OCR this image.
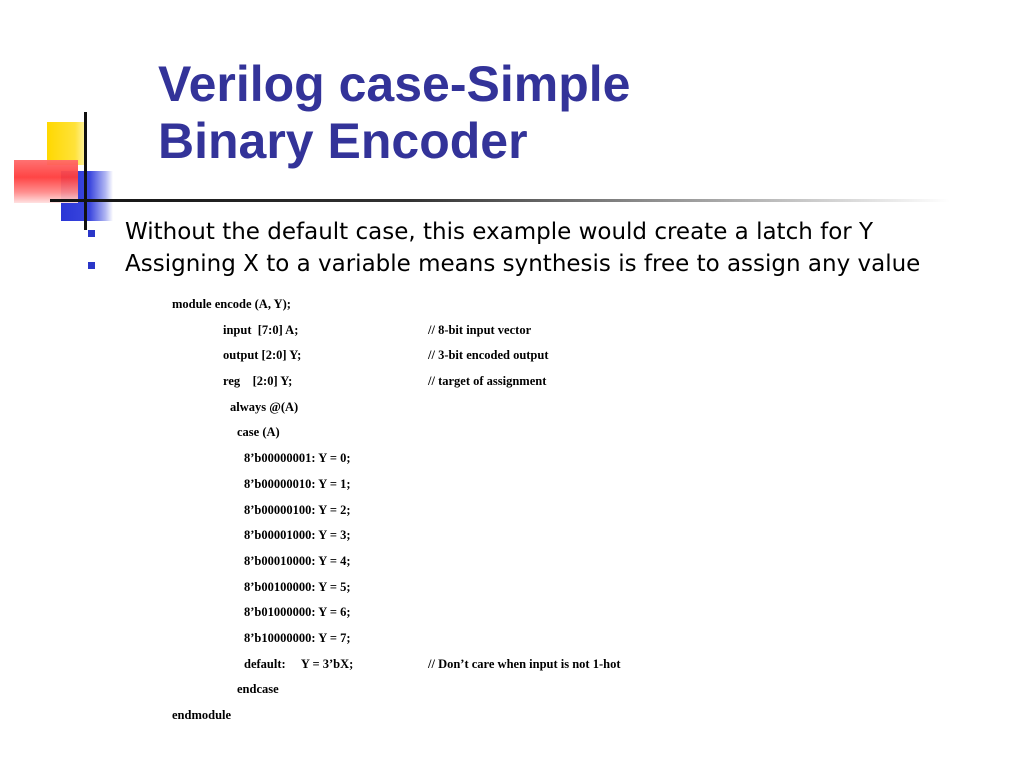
Verilog case-Simple
Binary Encoder
Without the default case, this example would create a latch for Y
Assigning X to a variable means synthesis is free to assign any value

module encode (A, Y);

input  [7:0] A;

	// 8-bit input vector

output [2:0] Y;

	// 3-bit encoded output

reg    [2:0] Y;

	// target of assignment

always @(A)

case (A)

8’b00000001: Y = 0;

8’b00000010: Y = 1;

8’b00000100: Y = 2;

8’b00001000: Y = 3;

8’b00010000: Y = 4;

8’b00100000: Y = 5;

8’b01000000: Y = 6;

8’b10000000: Y = 7;

default:     Y = 3’bX;

	// Don’t care when input is not 1-hot

endcase

endmodule
